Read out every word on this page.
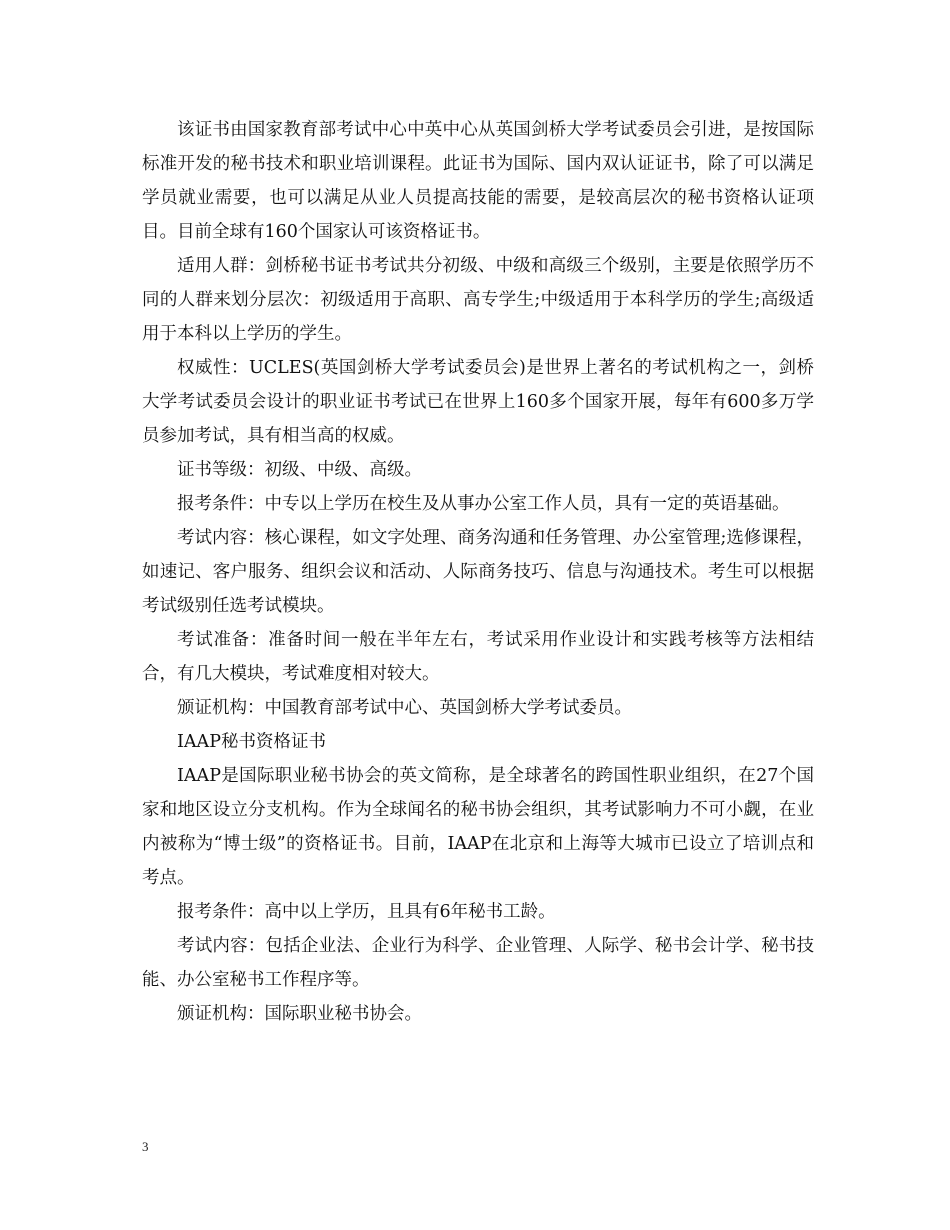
该证书由国家教育部考试中心中英中心从英国剑桥大学考试委员会引进，是按国际标准开发的秘书技术和职业培训课程。此证书为国际、国内双认证证书，除了可以满足学员就业需要，也可以满足从业人员提高技能的需要，是较高层次的秘书资格认证项目。目前全球有160个国家认可该资格证书。

适用人群：剑桥秘书证书考试共分初级、中级和高级三个级别，主要是依照学历不同的人群来划分层次：初级适用于高职、高专学生;中级适用于本科学历的学生;高级适用于本科以上学历的学生。

权威性：UCLES(英国剑桥大学考试委员会)是世界上著名的考试机构之一，剑桥大学考试委员会设计的职业证书考试已在世界上160多个国家开展，每年有600多万学员参加考试，具有相当高的权威。

证书等级：初级、中级、高级。

报考条件：中专以上学历在校生及从事办公室工作人员，具有一定的英语基础。

考试内容：核心课程，如文字处理、商务沟通和任务管理、办公室管理;选修课程，如速记、客户服务、组织会议和活动、人际商务技巧、信息与沟通技术。考生可以根据考试级别任选考试模块。

考试准备：准备时间一般在半年左右，考试采用作业设计和实践考核等方法相结合，有几大模块，考试难度相对较大。

颁证机构：中国教育部考试中心、英国剑桥大学考试委员。

IAAP秘书资格证书

IAAP是国际职业秘书协会的英文简称，是全球著名的跨国性职业组织，在27个国家和地区设立分支机构。作为全球闻名的秘书协会组织，其考试影响力不可小觑，在业内被称为“博士级”的资格证书。目前，IAAP在北京和上海等大城市已设立了培训点和考点。

报考条件：高中以上学历，且具有6年秘书工龄。

考试内容：包括企业法、企业行为科学、企业管理、人际学、秘书会计学、秘书技能、办公室秘书工作程序等。

颁证机构：国际职业秘书协会。

3
